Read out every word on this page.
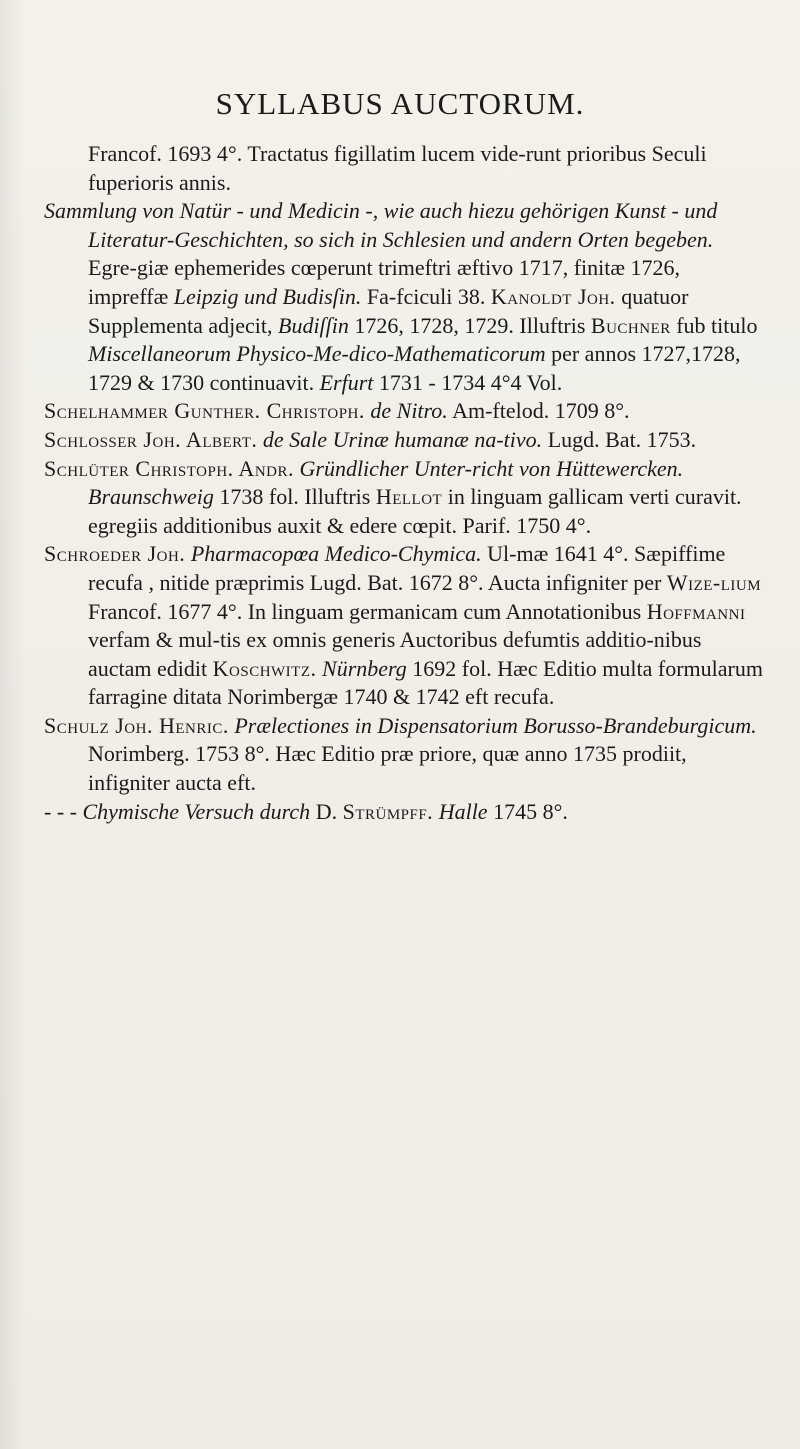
SYLLABUS AUCTORUM.

Francof. 1693 4°. Tractatus figillatim lucem vide-runt prioribus Seculi fuperioris annis.

Sammlung von Natür - und Medicin -, wie auch hiezu gehörigen Kunst - und Literatur-Geschichten, so sich in Schlesien und andern Orten begeben. Egre-giæ ephemerides cœperunt trimeftri æftivo 1717, finitæ 1726, impreffæ Leipzig und Budisſin. Fa-fciculi 38. Kanoldt Joh. quatuor Supplementa adjecit, Budiſſin 1726, 1728, 1729. Illuftris Buchner fub titulo Miscellaneorum Physico-Me-dico-Mathematicorum per annos 1727,1728, 1729 & 1730 continuavit. Erfurt 1731 - 1734 4°4 Vol.

Schelhammer Gunther. Christoph. de Nitro. Am-ftelod. 1709 8°.

Schlosser Joh. Albert. de Sale Urinæ humanæ na-tivo. Lugd. Bat. 1753.

Schlüter Christoph. Andr. Gründlicher Unter-richt von Hüttewercken. Braunschweig 1738 fol. Illuftris Hellot in linguam gallicam verti curavit. egregiis additionibus auxit & edere cœpit. Parif. 1750 4°.

Schroeder Joh. Pharmacopœa Medico-Chymica. Ul-mæ 1641 4°. Sæpiffime recufa , nitide præprimis Lugd. Bat. 1672 8°. Aucta infigniter per Wize-lium Francof. 1677 4°. In linguam germanicam cum Annotationibus Hoffmanni verfam & mul-tis ex omnis generis Auctoribus defumtis additio-nibus auctam edidit Koschwitz. Nürnberg 1692 fol. Hæc Editio multa formularum farragine ditata Norimbergæ 1740 & 1742 eft recufa.

Schulz Joh. Henric. Prælectiones in Dispensatorium Borusso-Brandeburgicum. Norimberg. 1753 8°. Hæc Editio præ priore, quæ anno 1735 prodiit, infigniter aucta eft.

- - - Chymische Versuch durch D. Strümpff. Halle 1745 8°.
